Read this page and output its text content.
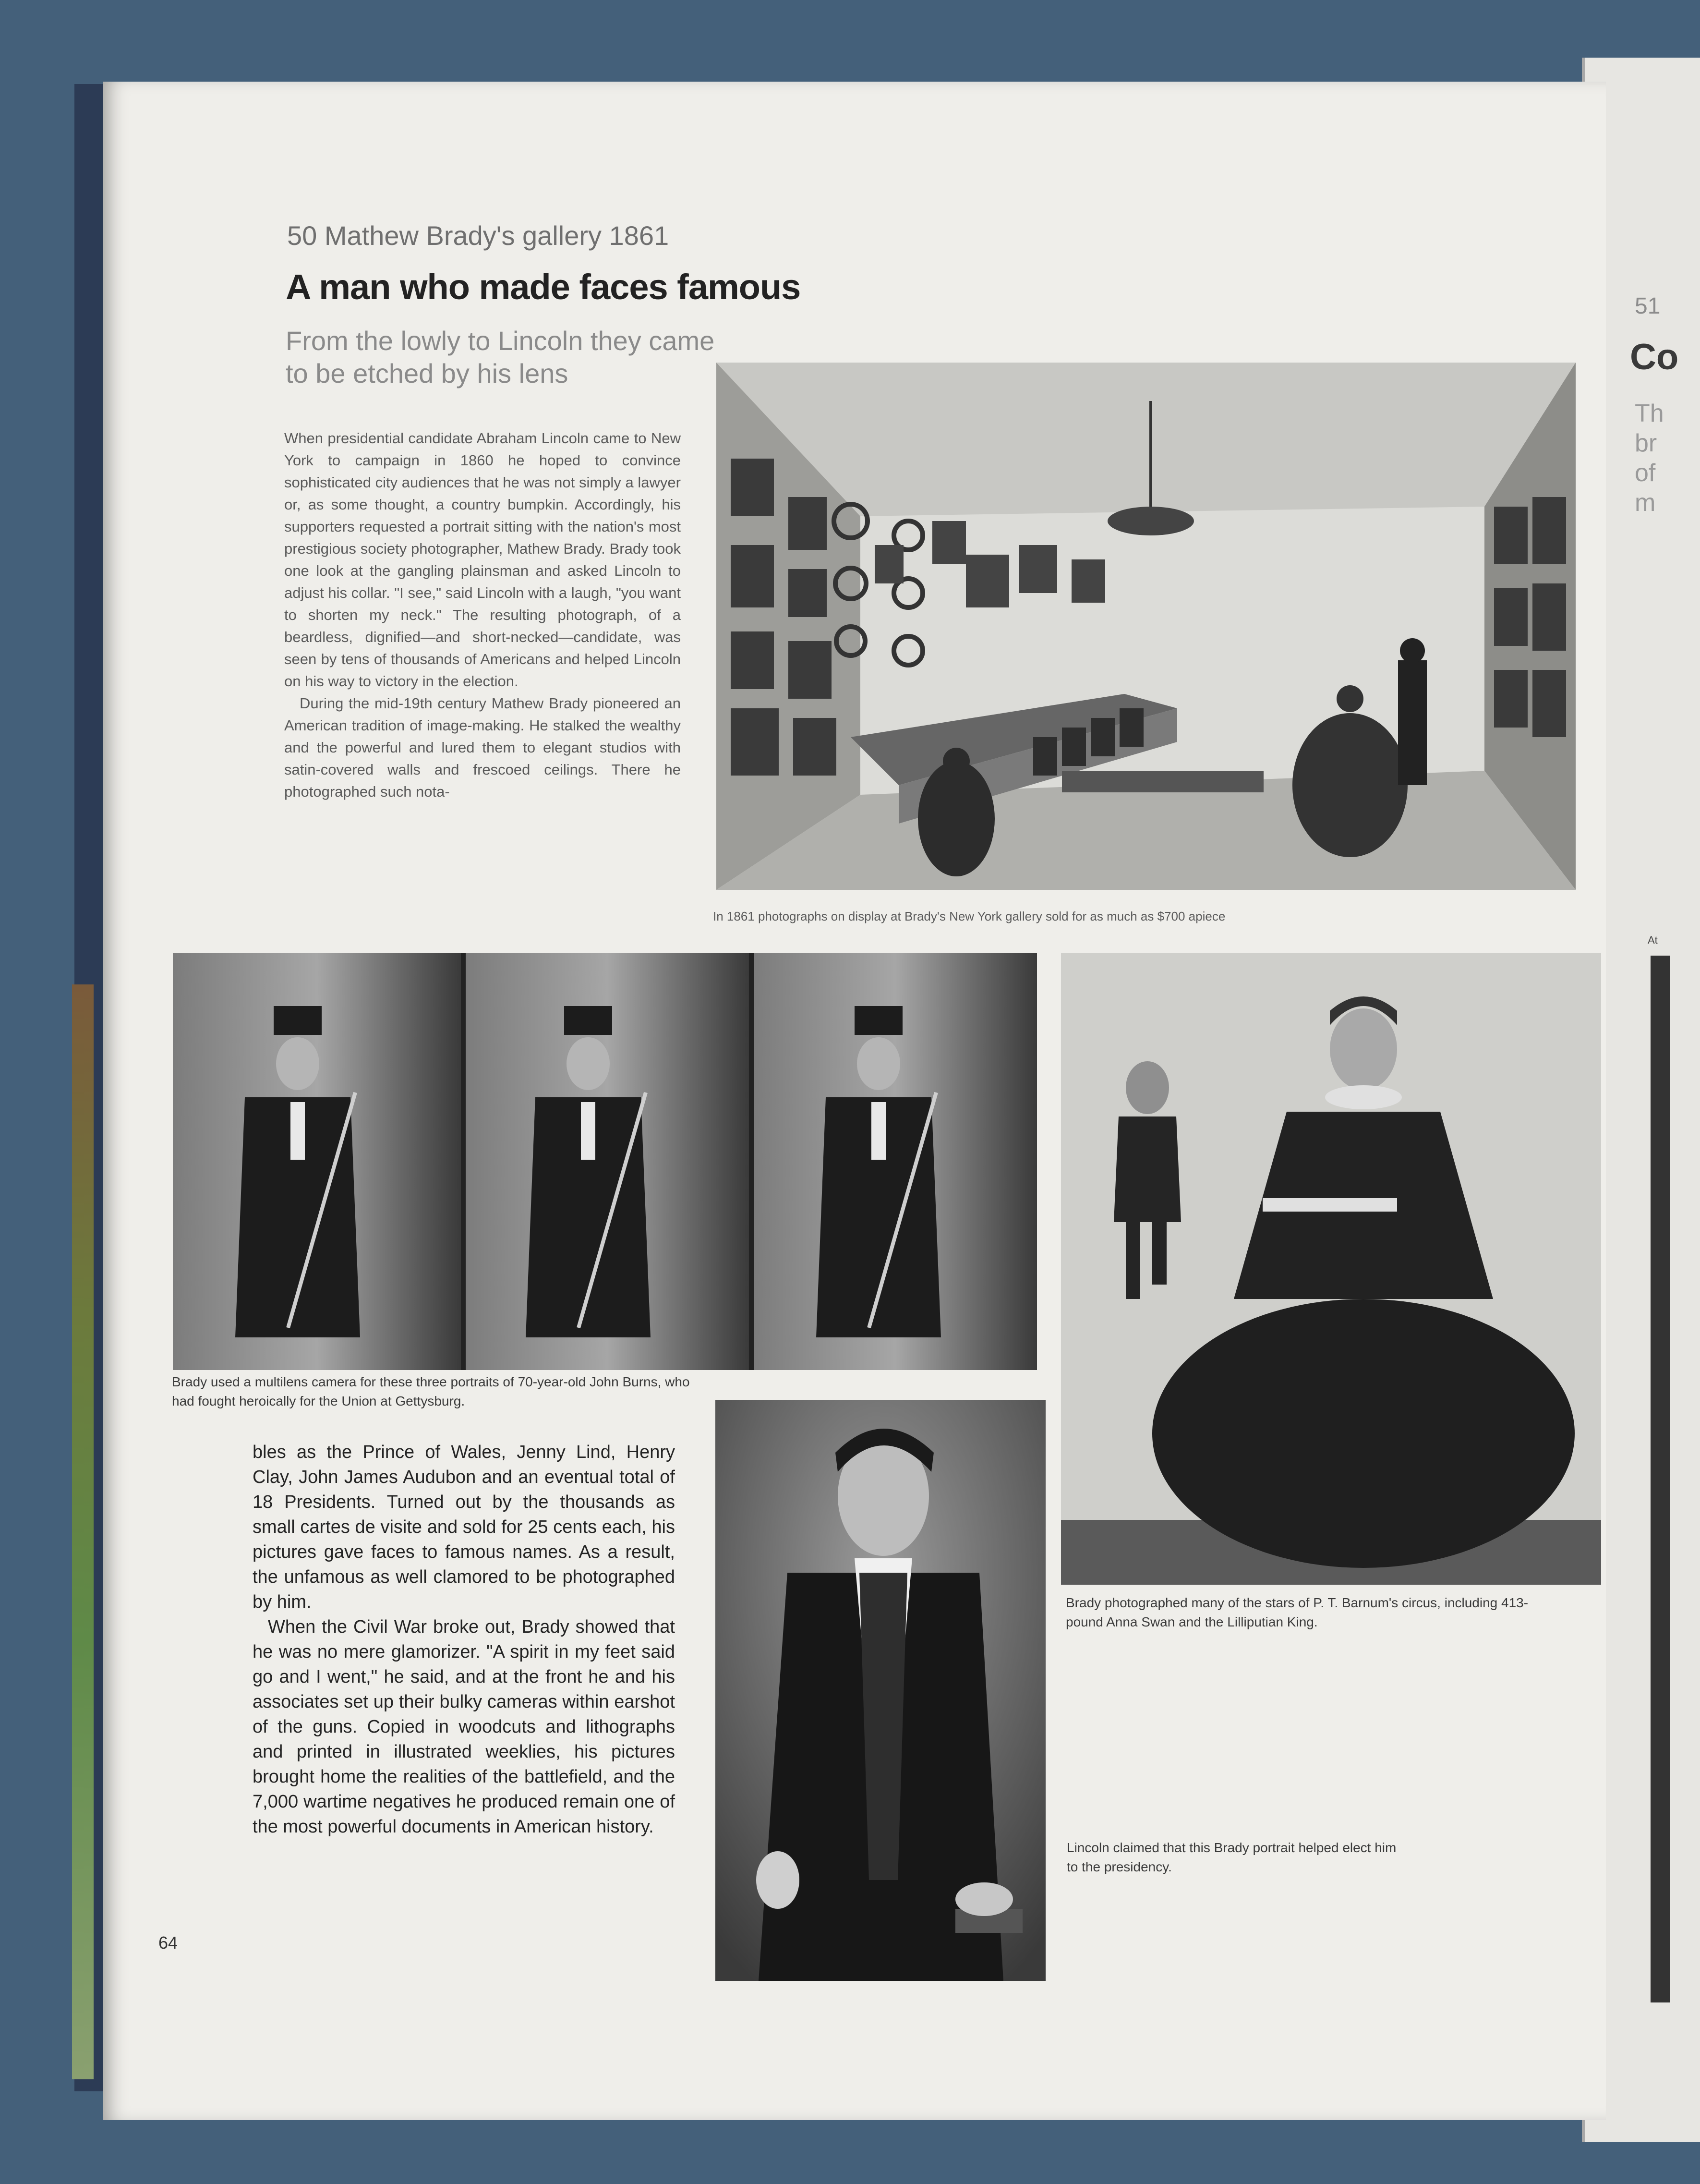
51
Co
Th
br
of
m
At
50 Mathew Brady's gallery 1861
A man who made faces famous
From the lowly to Lincoln they came to be etched by his lens

When presidential candidate Abraham Lincoln came to New York to campaign in 1860 he hoped to convince sophisticated city audiences that he was not simply a lawyer or, as some thought, a country bumpkin. Accordingly, his supporters requested a portrait sitting with the nation's most prestigious society photographer, Mathew Brady. Brady took one look at the gangling plainsman and asked Lincoln to adjust his collar. "I see," said Lincoln with a laugh, "you want to shorten my neck." The resulting photograph, of a beardless, dignified—and short-necked—candidate, was seen by tens of thousands of Americans and helped Lincoln on his way to victory in the election.

During the mid-19th century Mathew Brady pioneered an American tradition of image-making. He stalked the wealthy and the powerful and lured them to elegant studios with satin-covered walls and frescoed ceilings. There he photographed such nota-

In 1861 photographs on display at Brady's New York gallery sold for as much as $700 apiece
Brady used a multilens camera for these three portraits of 70-year-old John Burns, who had fought heroically for the Union at Gettysburg.
Brady photographed many of the stars of P. T. Barnum's circus, including 413-pound Anna Swan and the Lilliputian King.

bles as the Prince of Wales, Jenny Lind, Henry Clay, John James Audubon and an eventual total of 18 Presidents. Turned out by the thousands as small cartes de visite and sold for 25 cents each, his pictures gave faces to famous names. As a result, the unfamous as well clamored to be photographed by him.

When the Civil War broke out, Brady showed that he was no mere glamorizer. "A spirit in my feet said go and I went," he said, and at the front he and his associates set up their bulky cameras within earshot of the guns. Copied in woodcuts and lithographs and printed in illustrated weeklies, his pictures brought home the realities of the battlefield, and the 7,000 wartime negatives he produced remain one of the most powerful documents in American history.

Lincoln claimed that this Brady portrait helped elect him to the presidency.
64
